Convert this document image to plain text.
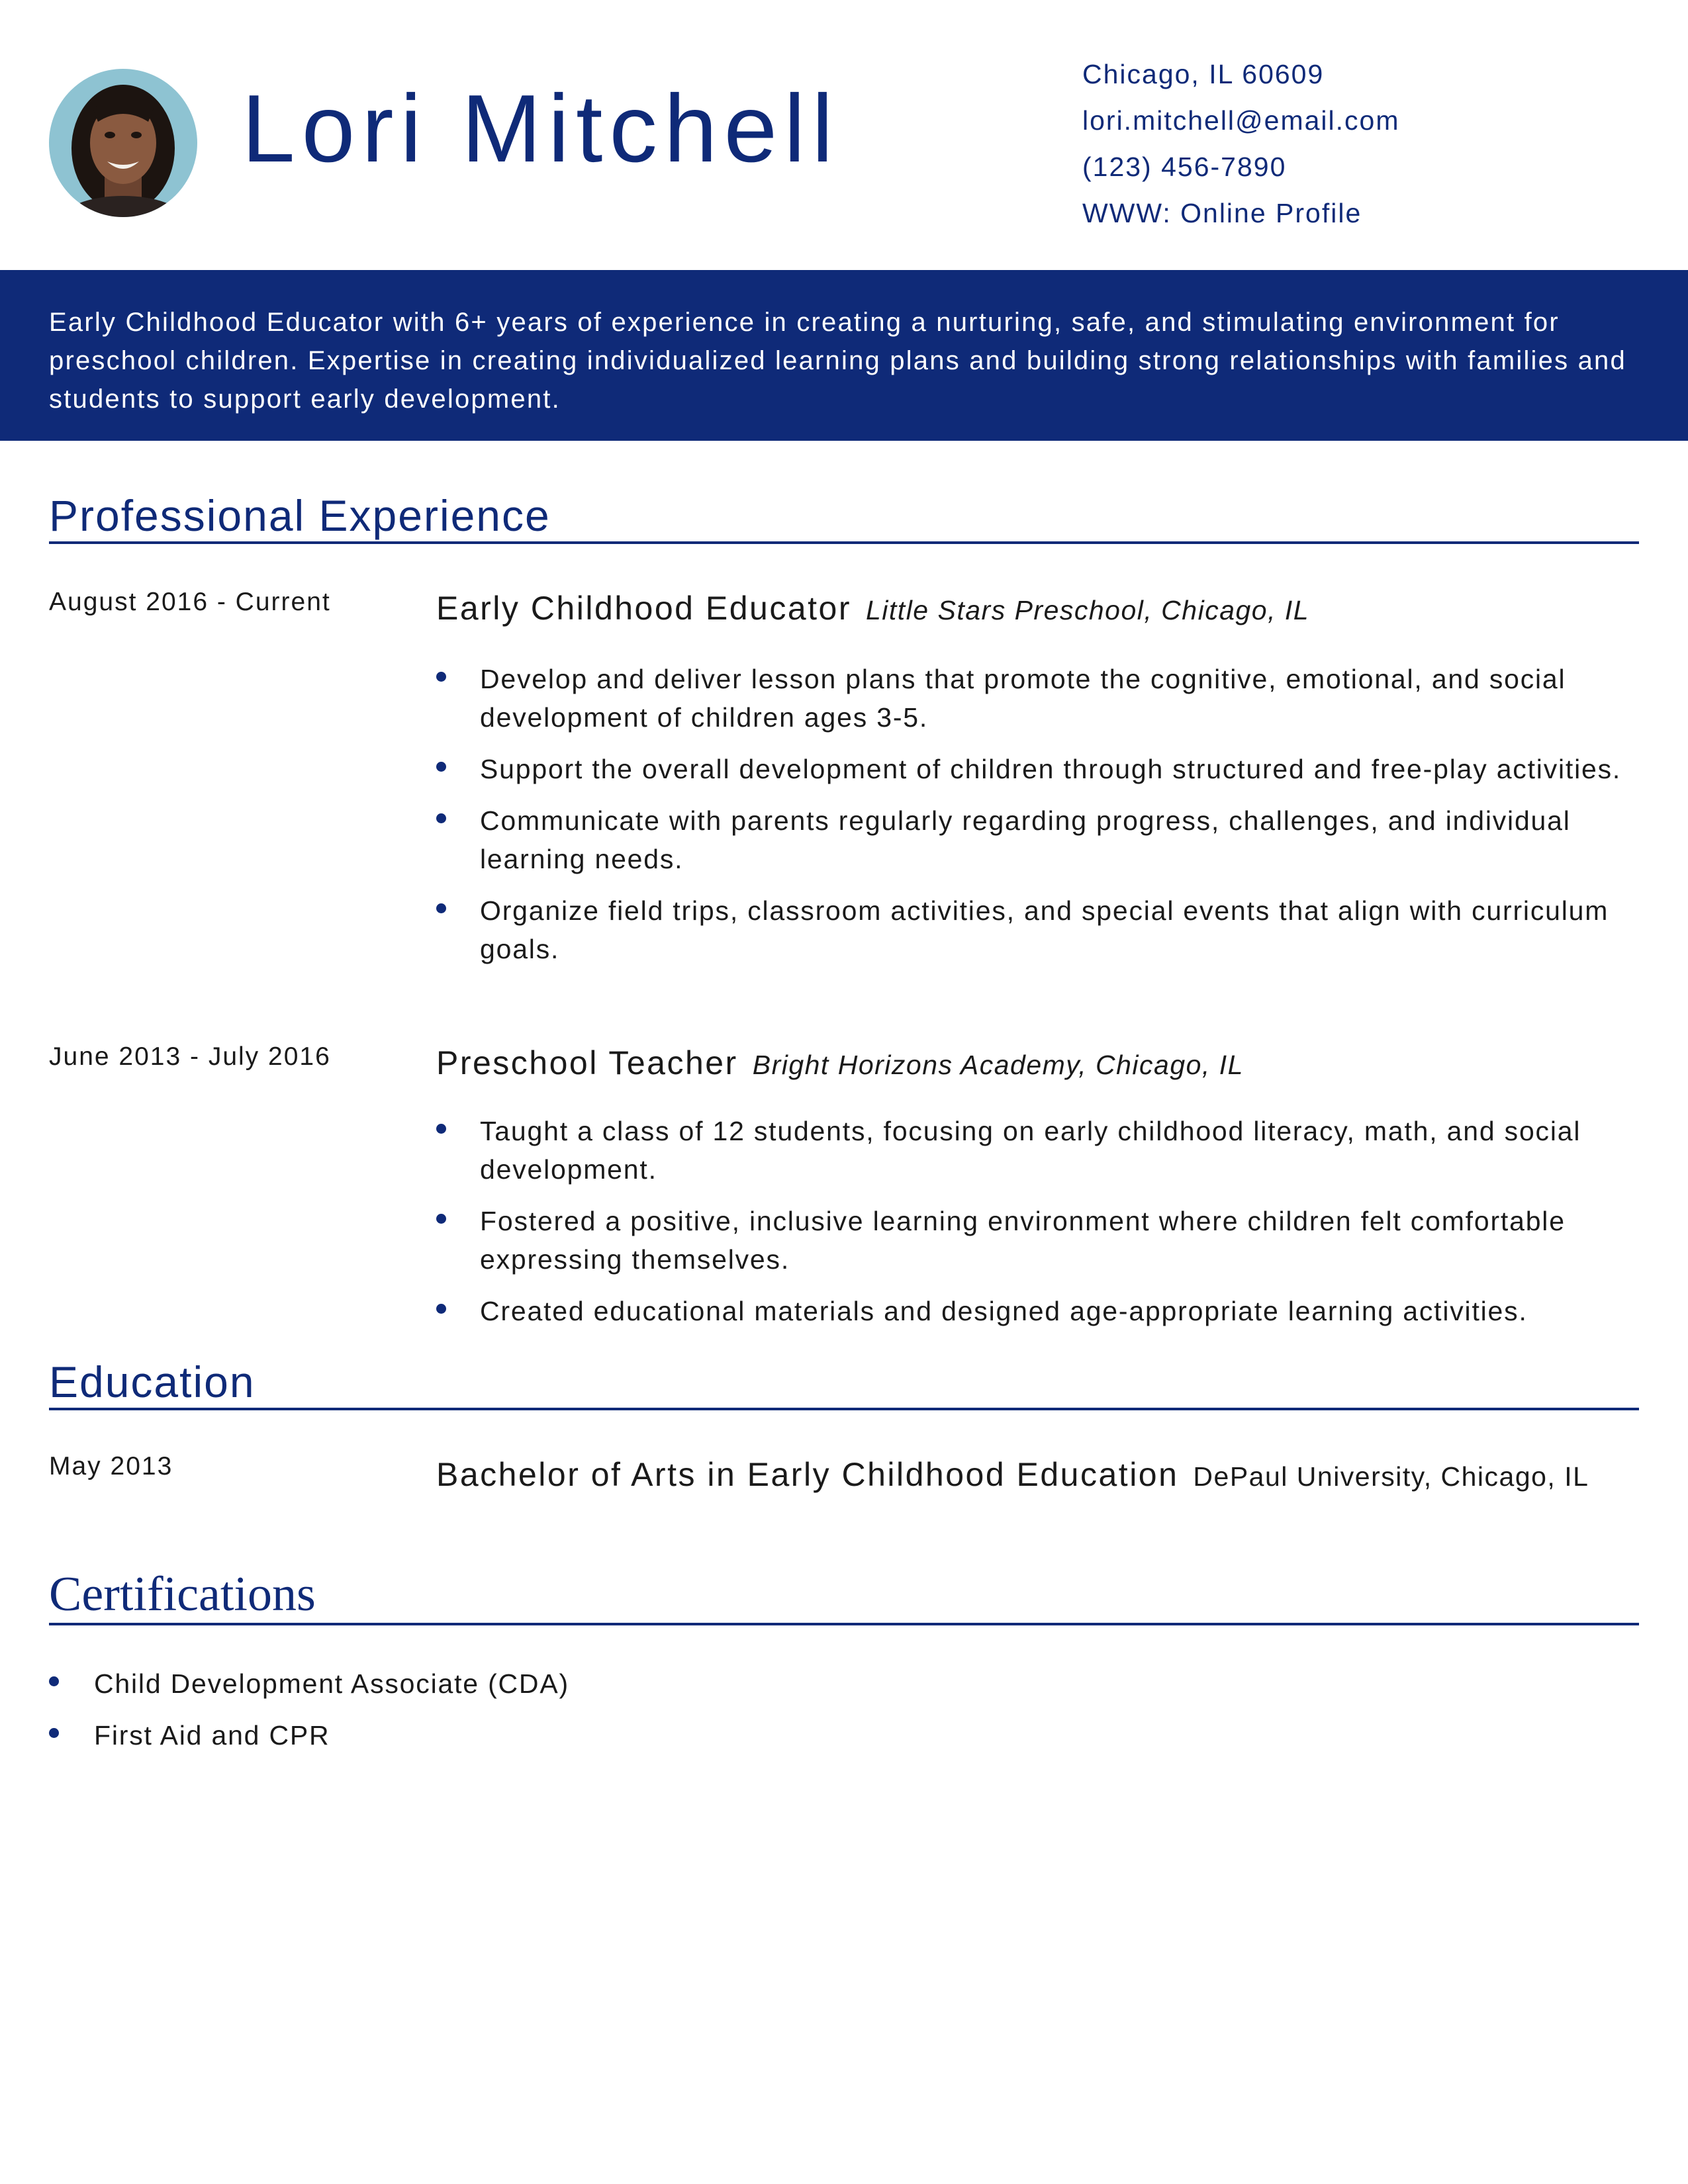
Lori Mitchell
Chicago, IL 60609
lori.mitchell@email.com
(123) 456-7890
WWW: Online Profile
Early Childhood Educator with 6+ years of experience in creating a nurturing, safe, and stimulating environment for preschool children. Expertise in creating individualized learning plans and building strong relationships with families and students to support early development.
Professional Experience
August 2016 - Current	Early Childhood Educator Little Stars Preschool, Chicago, IL
Develop and deliver lesson plans that promote the cognitive, emotional, and social development of children ages 3-5.
Support the overall development of children through structured and free-play activities.
Communicate with parents regularly regarding progress, challenges, and individual learning needs.
Organize field trips, classroom activities, and special events that align with curriculum goals.
June 2013 - July 2016	Preschool Teacher Bright Horizons Academy, Chicago, IL
Taught a class of 12 students, focusing on early childhood literacy, math, and social development.
Fostered a positive, inclusive learning environment where children felt comfortable expressing themselves.
Created educational materials and designed age-appropriate learning activities.
Education
May 2013	Bachelor of Arts in Early Childhood Education DePaul University, Chicago, IL
Certifications
Child Development Associate (CDA)
First Aid and CPR
